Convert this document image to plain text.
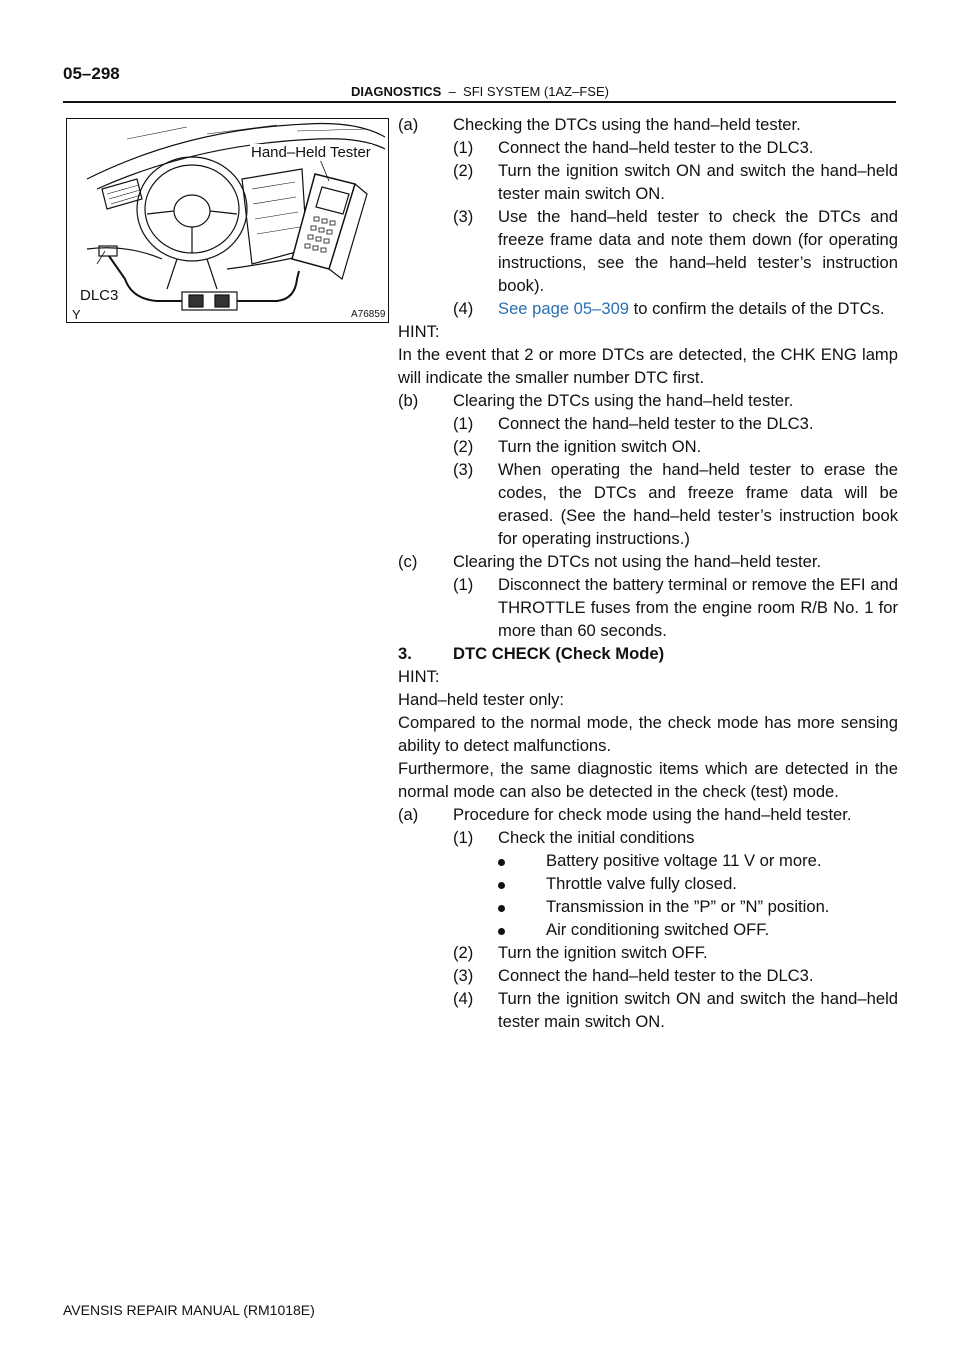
05–298
DIAGNOSTICS – SFI SYSTEM (1AZ–FSE)
Hand–Held Tester
DLC3
A76859
Y
(a)	Checking the DTCs using the hand–held tester.
(1)	Connect the hand–held tester to the DLC3.
(2)	Turn the ignition switch ON and switch the hand–held tester main switch ON.
(3)	Use the hand–held tester to check the DTCs and freeze frame data and note them down (for operating instructions, see the hand–held tester’s instruction book).
(4)	See page 05–309 to confirm the details of the DTCs.
HINT:
In the event that 2 or more DTCs are detected, the CHK ENG lamp will indicate the smaller number DTC first.
(b)	Clearing the DTCs using the hand–held tester.
(1)	Connect the hand–held tester to the DLC3.
(2)	Turn the ignition switch ON.
(3)	When operating the hand–held tester to erase the codes, the DTCs and freeze frame data will be erased. (See the hand–held tester’s instruction book for operating instructions.)
(c)	Clearing the DTCs not using the hand–held tester.
(1)	Disconnect the battery terminal or remove the EFI and THROTTLE fuses from the engine room R/B No. 1 for more than 60 seconds.
3.	DTC CHECK (Check Mode)
HINT:
Hand–held tester only:
Compared to the normal mode, the check mode has more sensing ability to detect malfunctions.
Furthermore, the same diagnostic items which are detected in the normal mode can also be detected in the check (test) mode.
(a)	Procedure for check mode using the hand–held tester.
(1)	Check the initial conditions
Battery positive voltage 11 V or more.
Throttle valve fully closed.
Transmission in the ”P” or ”N” position.
Air conditioning switched OFF.
(2)	Turn the ignition switch OFF.
(3)	Connect the hand–held tester to the DLC3.
(4)	Turn the ignition switch ON and switch the hand–held tester main switch ON.
AVENSIS REPAIR MANUAL (RM1018E)
